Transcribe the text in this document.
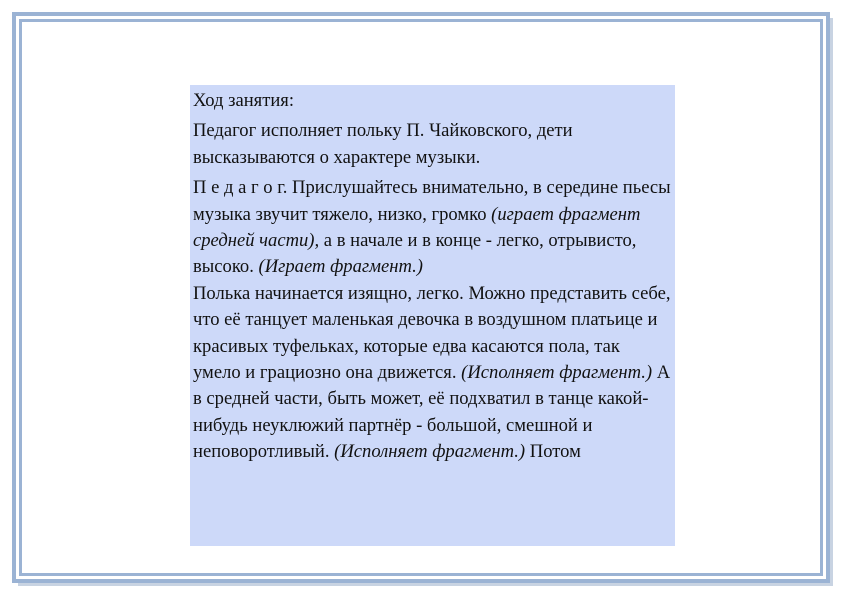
Ход занятия:

Педагог исполняет польку П. Чайковского, дети высказываются о характере музыки.

П е д а г о г. Прислушайтесь внимательно, в середине пьесы музыка звучит тяжело, низко, громко (играет фрагмент средней части), а в начале и в конце - легко, отрывисто, высоко. (Играет фрагмент.)

Полька начинается изящно, легко. Можно представить себе, что её танцует маленькая девочка в воздушном платьице и красивых туфельках, которые едва касаются пола, так умело и грациозно она движется. (Исполняет фрагмент.) А в средней части, быть может, её подхватил в танце какой-нибудь неуклюжий партнёр - большой, смешной и неповоротливый. (Исполняет фрагмент.) Потом
